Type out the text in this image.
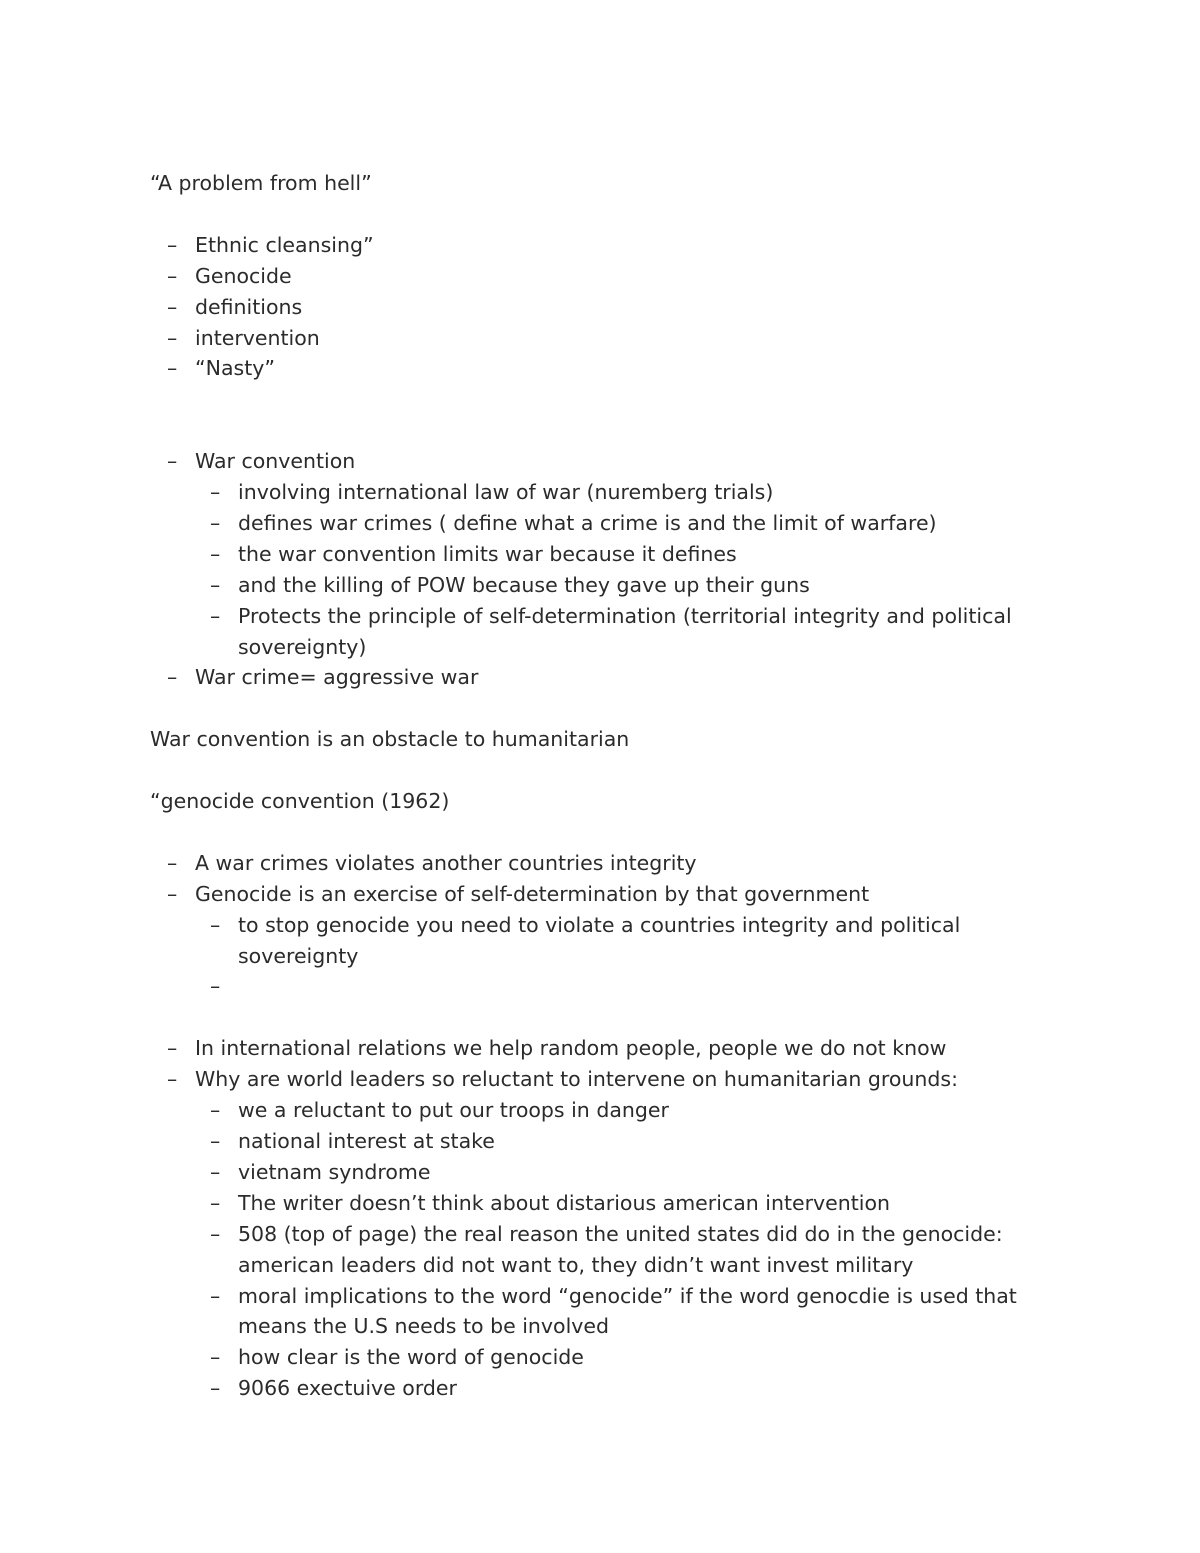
“A problem from hell”

– Ethnic cleansing”
– Genocide
– definitions
– intervention
– “Nasty”
– War convention
– involving international law of war (nuremberg trials)
– defines war crimes ( define what a crime is and the limit of warfare)
– the war convention limits war because it defines
– and the killing of POW because they gave up their guns
– Protects the principle of self-determination (territorial integrity and political sovereignty)
– War crime= aggressive war

War convention is an obstacle to humanitarian

“genocide convention (1962)

– A war crimes violates another countries integrity
– Genocide is an exercise of self-determination by that government
– to stop genocide you need to violate a countries integrity and political sovereignty
–

– In international relations we help random people, people we do not know
– Why are world leaders so reluctant to intervene on humanitarian grounds:
– we a reluctant to put our troops in danger
– national interest at stake
– vietnam syndrome
– The writer doesn’t think about distarious american intervention
– 508 (top of page) the real reason the united states did do in the genocide: american leaders did not want to, they didn’t want invest military
– moral implications to the word “genocide” if the word genocdie is used that means the U.S needs to be involved
– how clear is the word of genocide
– 9066 exectuive order
